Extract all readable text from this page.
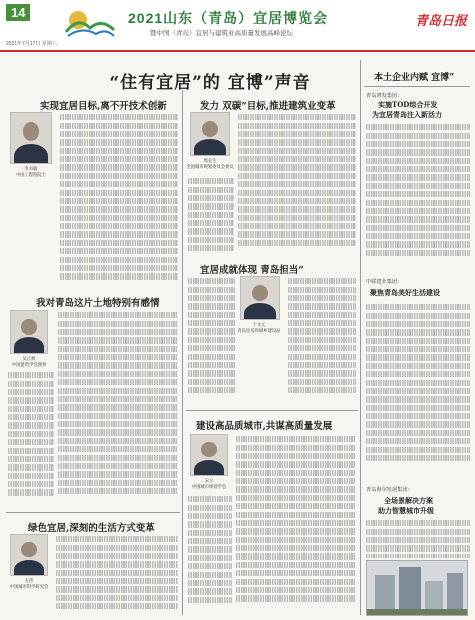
14	2021山东（青岛）宜居博览会
暨中国（青岛）宜居与建筑业高质量发展高峰论坛
青岛日报
2021年7月17日 星期六
“住有宜居”的 宜博”声音
实现宜居目标,离不开技术创新
李书敏
中国工程院院士
发力 双碳”目标,推进建筑业变革
周长生
全国城市规划委员会委员
我对青岛这片土地特别有感情
吴正炳
中国建筑学会理事
宜居成就体现 青岛担当”
于文元
青岛住房和城乡建设局
建设高品质城市,共谋高质量发展
宋立
中国城市规划学会
绿色宜居,深刻的生活方式变革
左伟
中国城市科学研究会
本土企业内赋 宜博”
青岛鸿发集团：
实施TOD综合开发
为宜居青岛注入新活力
中联建业集团：
聚焦青岛美好生活建设
青岛海尔发展集团：
全场景解决方案
助力智慧城市升级
